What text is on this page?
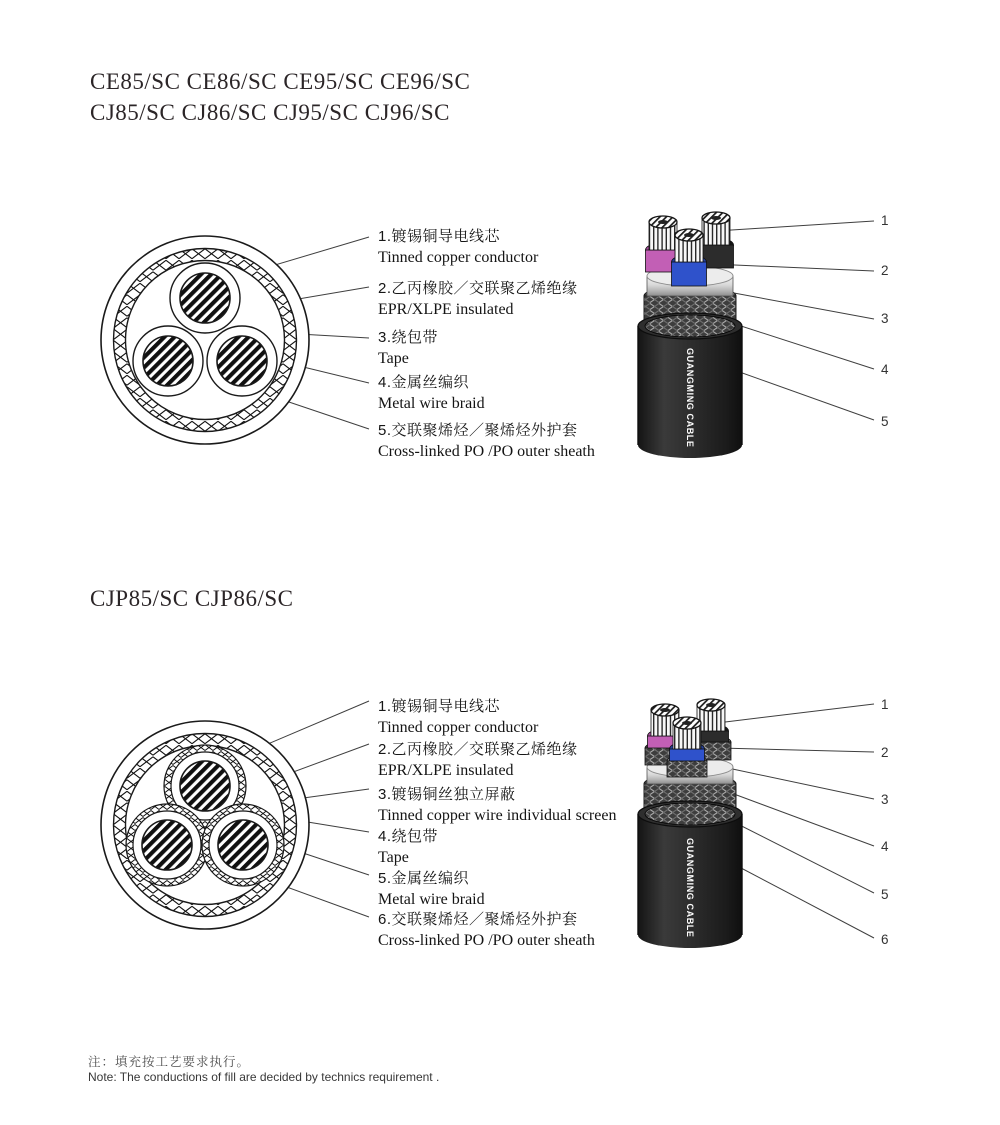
CE85/SC CE86/SC CE95/SC CE96/SC
CJ85/SC CJ86/SC CJ95/SC CJ96/SC
CJP85/SC CJP86/SC
1.镀锡铜导电线芯
Tinned copper conductor
2.乙丙橡胶／交联聚乙烯绝缘
EPR/XLPE insulated
3.绕包带
Tape
4.金属丝编织
Metal wire braid
5.交联聚烯烃／聚烯烃外护套
Cross-linked PO /PO outer sheath
GUANGMING CABLE
1
2
3
4
5
1.镀锡铜导电线芯
Tinned copper conductor
2.乙丙橡胶／交联聚乙烯绝缘
EPR/XLPE insulated
3.镀锡铜丝独立屏蔽
Tinned copper wire individual screen
4.绕包带
Tape
5.金属丝编织
Metal wire braid
6.交联聚烯烃／聚烯烃外护套
Cross-linked PO /PO outer sheath
GUANGMING CABLE
1
2
3
4
5
6
注：填充按工艺要求执行。
Note: The conductions of fill are decided by technics requirement .
